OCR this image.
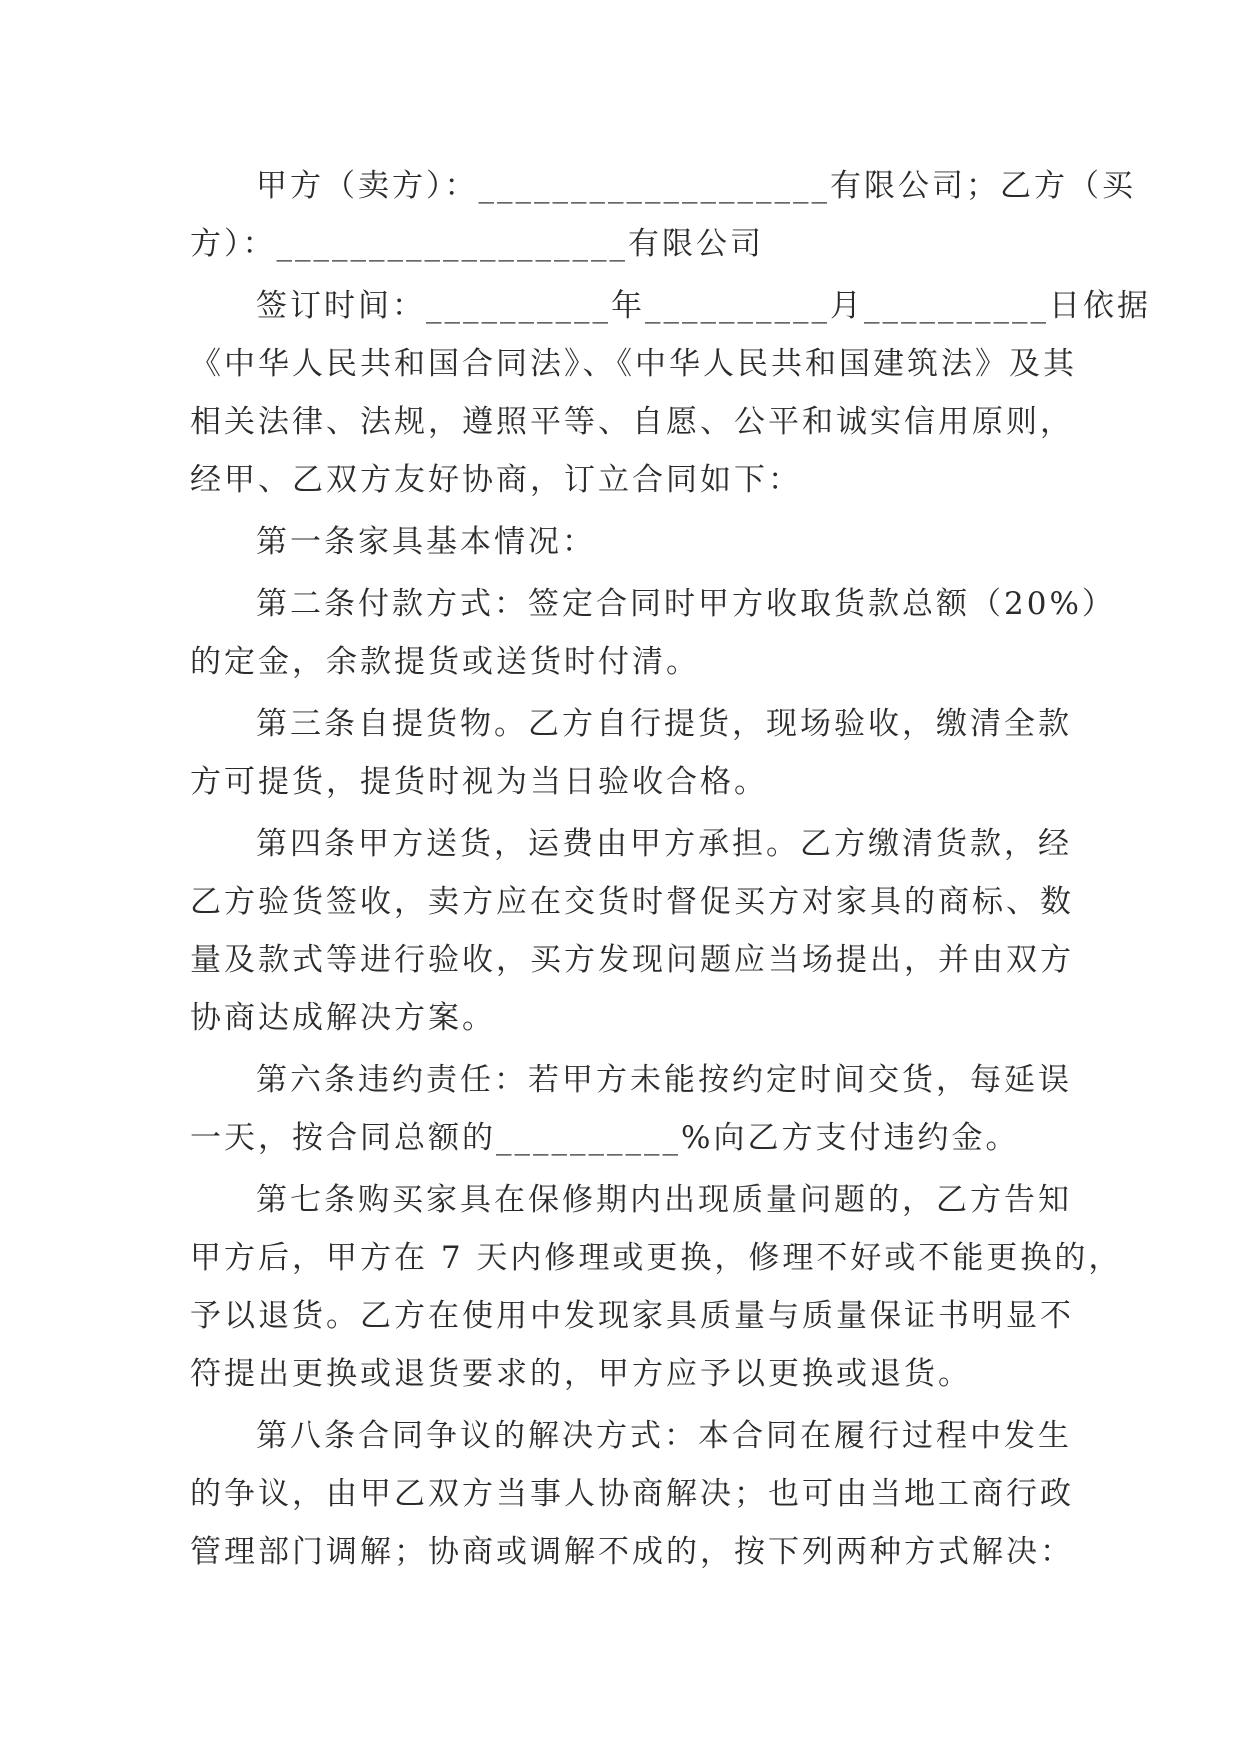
甲方（卖方）：___________________有限公司；乙方（买
方）：___________________有限公司
签订时间：__________年__________月__________日依据
《中华人民共和国合同法》、《中华人民共和国建筑法》及其
相关法律、法规，遵照平等、自愿、公平和诚实信用原则，
经甲、乙双方友好协商，订立合同如下：
第一条家具基本情况：
第二条付款方式：签定合同时甲方收取货款总额（20%）
的定金，余款提货或送货时付清。
第三条自提货物。乙方自行提货，现场验收，缴清全款
方可提货，提货时视为当日验收合格。
第四条甲方送货，运费由甲方承担。乙方缴清货款，经
乙方验货签收，卖方应在交货时督促买方对家具的商标、数
量及款式等进行验收，买方发现问题应当场提出，并由双方
协商达成解决方案。
第六条违约责任：若甲方未能按约定时间交货，每延误
一天，按合同总额的__________%向乙方支付违约金。
第七条购买家具在保修期内出现质量问题的，乙方告知
甲方后，甲方在 7 天内修理或更换，修理不好或不能更换的，
予以退货。乙方在使用中发现家具质量与质量保证书明显不
符提出更换或退货要求的，甲方应予以更换或退货。
第八条合同争议的解决方式：本合同在履行过程中发生
的争议，由甲乙双方当事人协商解决；也可由当地工商行政
管理部门调解；协商或调解不成的，按下列两种方式解决：
